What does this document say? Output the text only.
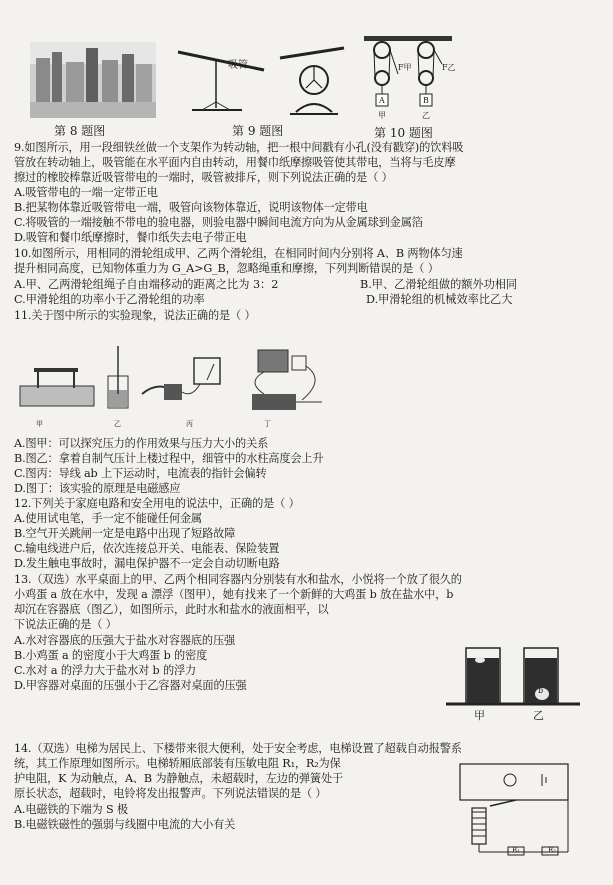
第 8 题图
吸管
第 9 题图
A	B
F甲	F乙
甲	乙
第 10 题图
9.如图所示，用一段细铁丝做一个支架作为转动轴，把一根中间戳有小孔(没有戳穿)的饮料吸
管放在转动轴上，吸管能在水平面内自由转动，用餐巾纸摩擦吸管使其带电，当将与毛皮摩
擦过的橡胶棒靠近吸管带电的一端时，吸管被排斥，则下列说法正确的是（ ）
A.吸管带电的一端一定带正电
B.把某物体靠近吸管带电一端，吸管向该物体靠近，说明该物体一定带电
C.将吸管的一端接触不带电的验电器，则验电器中瞬间电流方向为从金属球到金属箔
D.吸管和餐巾纸摩擦时，餐巾纸失去电子带正电
10.如图所示，用相同的滑轮组成甲、乙两个滑轮组，在相同时间内分别将 A、B 两物体匀速
提升相同高度，已知物体重力为 G_A>G_B，忽略绳重和摩擦，下列判断错误的是（ ）
A.甲、乙两滑轮组绳子自由端移动的距离之比为 3：2	B.甲、乙滑轮组做的额外功相同
C.甲滑轮组的功率小于乙滑轮组的功率	D.甲滑轮组的机械效率比乙大
11.关于图中所示的实验现象，说法正确的是（ ）
甲	乙	丙	丁
A.图甲：可以探究压力的作用效果与压力大小的关系
B.图乙：拿着自制气压计上楼过程中，细管中的水柱高度会上升
C.图丙：导线 ab 上下运动时，电流表的指针会偏转
D.图丁：该实验的原理是电磁感应
12.下列关于家庭电路和安全用电的说法中，正确的是（ ）
A.使用试电笔，手一定不能碰任何金属
B.空气开关跳闸一定是电路中出现了短路故障
C.输电线进户后，依次连接总开关、电能表、保险装置
D.发生触电事故时，漏电保护器不一定会自动切断电路
13.（双选）水平桌面上的甲、乙两个相同容器内分别装有水和盐水，小悦将一个放了很久的
小鸡蛋 a 放在水中，发现 a 漂浮（图甲），她有找来了一个新鲜的大鸡蛋 b 放在盐水中，b
却沉在容器底（图乙），如图所示，此时水和盐水的液面相平，以
下说法正确的是（ ）
A.水对容器底的压强大于盐水对容器底的压强
B.小鸡蛋 a 的密度小于大鸡蛋 b 的密度
C.水对 a 的浮力大于盐水对 b 的浮力
D.甲容器对桌面的压强小于乙容器对桌面的压强	b
甲	乙
14.（双选）电梯为居民上、下楼带来很大便利，处于安全考虑，电梯设置了超载自动报警系
统，其工作原理如图所示。电梯轿厢底部装有压敏电阻 R₁，R₂为保
护电阻，K 为动触点，A、B 为静触点，未超载时，左边的弹簧处于
原长状态，超载时，电铃将发出报警声。下列说法错误的是（ ）
A.电磁铁的下端为 S 极
B.电磁铁磁性的强弱与线圈中电流的大小有关
R₁	R₂
